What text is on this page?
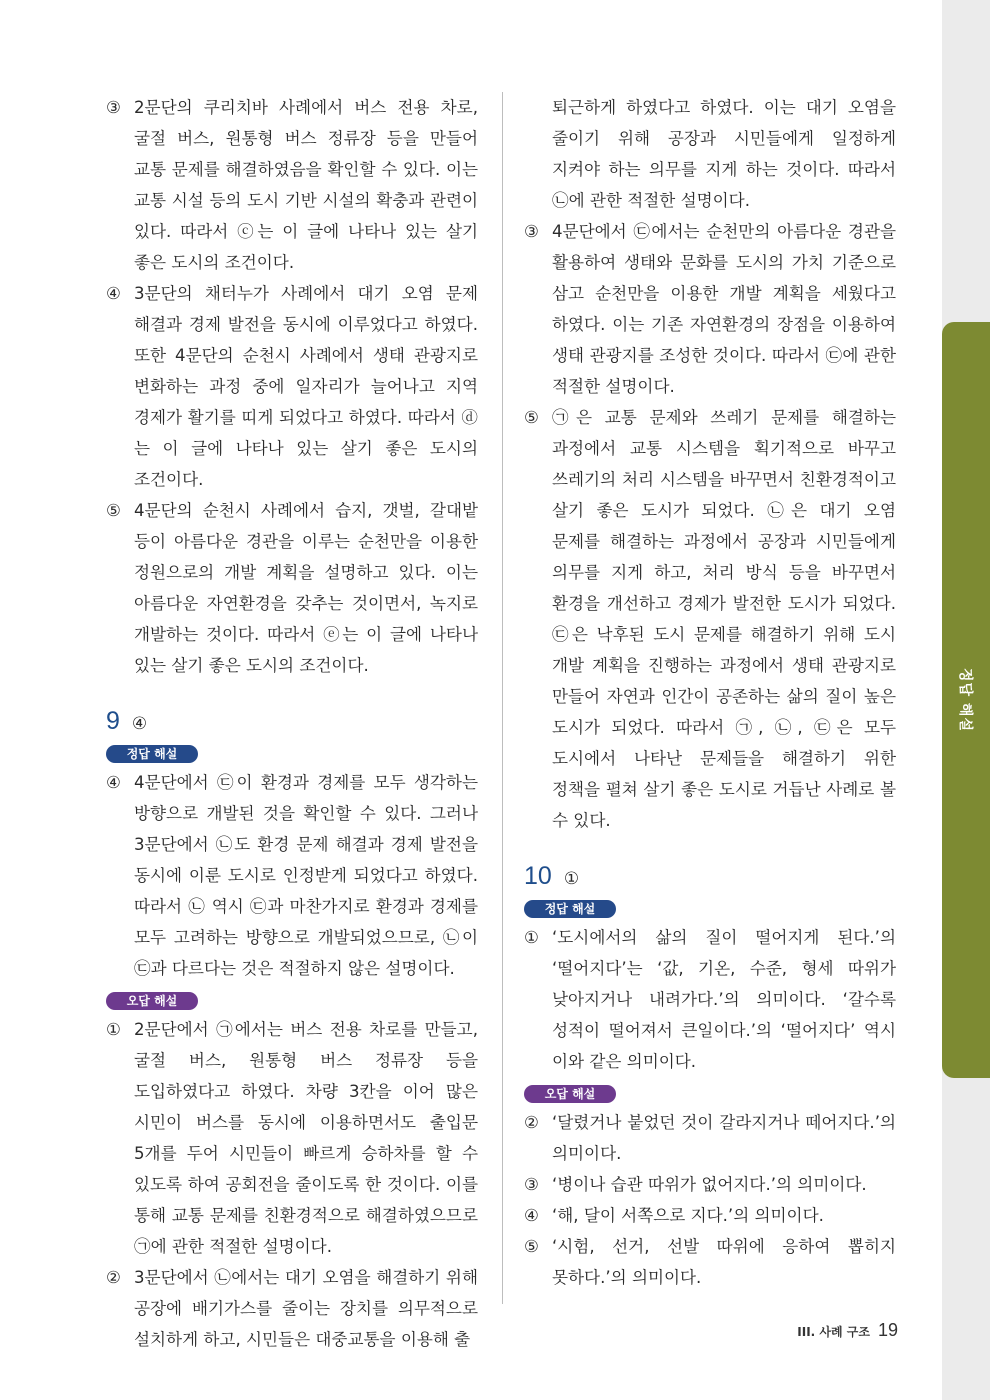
정답 해설
③ 2문단의 쿠리치바 사례에서 버스 전용 차로, 굴절 버스, 원통형 버스 정류장 등을 만들어 교통 문제를 해결하였음을 확인할 수 있다. 이는 교통 시설 등의 도시 기반 시설의 확충과 관련이 있다. 따라서 ⓒ는 이 글에 나타나 있는 살기 좋은 도시의 조건이다.
④ 3문단의 채터누가 사례에서 대기 오염 문제 해결과 경제 발전을 동시에 이루었다고 하였다. 또한 4문단의 순천시 사례에서 생태 관광지로 변화하는 과정 중에 일자리가 늘어나고 지역 경제가 활기를 띠게 되었다고 하였다. 따라서 ⓓ는 이 글에 나타나 있는 살기 좋은 도시의 조건이다.
⑤ 4문단의 순천시 사례에서 습지, 갯벌, 갈대밭 등이 아름다운 경관을 이루는 순천만을 이용한 정원으로의 개발 계획을 설명하고 있다. 이는 아름다운 자연환경을 갖추는 것이면서, 녹지로 개발하는 것이다. 따라서 ⓔ는 이 글에 나타나 있는 살기 좋은 도시의 조건이다.
9 ④
정답 해설
④ 4문단에서 ㉢이 환경과 경제를 모두 생각하는 방향으로 개발된 것을 확인할 수 있다. 그러나 3문단에서 ㉡도 환경 문제 해결과 경제 발전을 동시에 이룬 도시로 인정받게 되었다고 하였다. 따라서 ㉡ 역시 ㉢과 마찬가지로 환경과 경제를 모두 고려하는 방향으로 개발되었으므로, ㉡이 ㉢과 다르다는 것은 적절하지 않은 설명이다.
오답 해설
① 2문단에서 ㉠에서는 버스 전용 차로를 만들고, 굴절 버스, 원통형 버스 정류장 등을 도입하였다고 하였다. 차량 3칸을 이어 많은 시민이 버스를 동시에 이용하면서도 출입문 5개를 두어 시민들이 빠르게 승하차를 할 수 있도록 하여 공회전을 줄이도록 한 것이다. 이를 통해 교통 문제를 친환경적으로 해결하였으므로 ㉠에 관한 적절한 설명이다.
② 3문단에서 ㉡에서는 대기 오염을 해결하기 위해 공장에 배기가스를 줄이는 장치를 의무적으로 설치하게 하고, 시민들은 대중교통을 이용해 출
퇴근하게 하였다고 하였다. 이는 대기 오염을 줄이기 위해 공장과 시민들에게 일정하게 지켜야 하는 의무를 지게 하는 것이다. 따라서 ㉡에 관한 적절한 설명이다.
③ 4문단에서 ㉢에서는 순천만의 아름다운 경관을 활용하여 생태와 문화를 도시의 가치 기준으로 삼고 순천만을 이용한 개발 계획을 세웠다고 하였다. 이는 기존 자연환경의 장점을 이용하여 생태 관광지를 조성한 것이다. 따라서 ㉢에 관한 적절한 설명이다.
⑤ ㉠은 교통 문제와 쓰레기 문제를 해결하는 과정에서 교통 시스템을 획기적으로 바꾸고 쓰레기의 처리 시스템을 바꾸면서 친환경적이고 살기 좋은 도시가 되었다. ㉡은 대기 오염 문제를 해결하는 과정에서 공장과 시민들에게 의무를 지게 하고, 처리 방식 등을 바꾸면서 환경을 개선하고 경제가 발전한 도시가 되었다. ㉢은 낙후된 도시 문제를 해결하기 위해 도시 개발 계획을 진행하는 과정에서 생태 관광지로 만들어 자연과 인간이 공존하는 삶의 질이 높은 도시가 되었다. 따라서 ㉠, ㉡, ㉢은 모두 도시에서 나타난 문제들을 해결하기 위한 정책을 펼쳐 살기 좋은 도시로 거듭난 사례로 볼 수 있다.
10 ①
정답 해설
① ‘도시에서의 삶의 질이 떨어지게 된다.’의 ‘떨어지다’는 ‘값, 기온, 수준, 형세 따위가 낮아지거나 내려가다.’의 의미이다. ‘갈수록 성적이 떨어져서 큰일이다.’의 ‘떨어지다’ 역시 이와 같은 의미이다.
오답 해설
② ‘달렸거나 붙었던 것이 갈라지거나 떼어지다.’의 의미이다.
③ ‘병이나 습관 따위가 없어지다.’의 의미이다.
④ ‘해, 달이 서쪽으로 지다.’의 의미이다.
⑤ ‘시험, 선거, 선발 따위에 응하여 뽑히지 못하다.’의 의미이다.
III. 사례 구조 19
